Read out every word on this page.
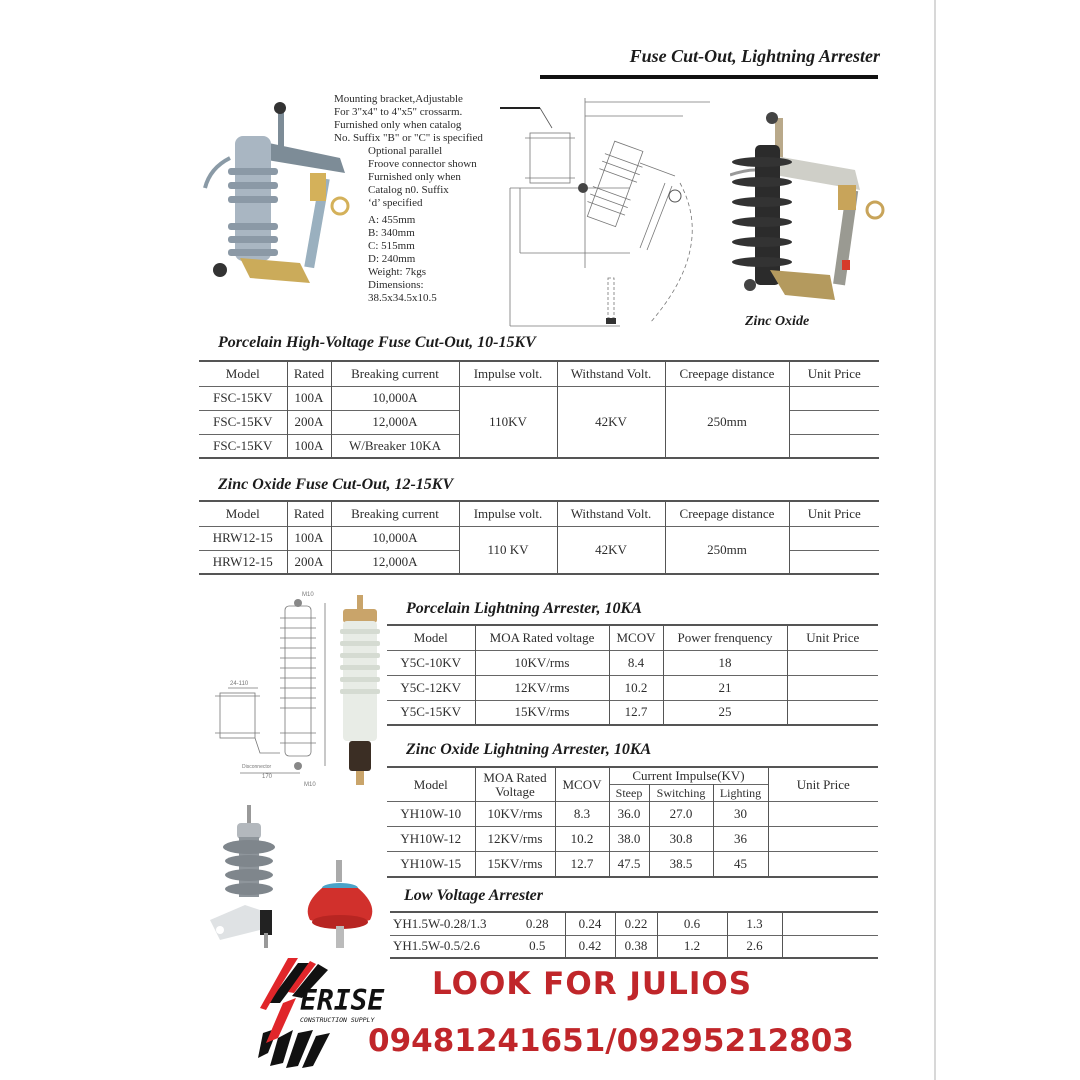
Fuse Cut-Out, Lightning Arrester
Mounting bracket,Adjustable
For 3"x4" to 4"x5" crossarm.
Furnished only when catalog
No. Suffix "B" or "C" is specified
Optional parallel
Froove connector shown
Furnished only when
Catalog n0. Suffix
‘d’ specified
A: 455mm
B: 340mm
C: 515mm
D: 240mm
Weight: 7kgs
Dimensions:
38.5x34.5x10.5
Zinc Oxide
Porcelain High-Voltage Fuse Cut-Out, 10-15KV
Model	Rated	Breaking current	Impulse volt.	Withstand Volt.	Creepage distance	Unit Price
FSC-15KV	100A	10,000A	110KV	42KV	250mm	
FSC-15KV	200A	12,000A				
FSC-15KV	100A	W/Breaker 10KA				
Zinc Oxide Fuse Cut-Out, 12-15KV
Model	Rated	Breaking current	Impulse volt.	Withstand Volt.	Creepage distance	Unit Price
HRW12-15	100A	10,000A	110 KV	42KV	250mm	
HRW12-15	200A	12,000A				
M10
M10
24-110
170
Disconnector
Porcelain Lightning Arrester, 10KA
Model	MOA Rated voltage	MCOV	Power frenquency	Unit Price
Y5C-10KV	10KV/rms	8.4	18	
Y5C-12KV	12KV/rms	10.2	21	
Y5C-15KV	15KV/rms	12.7	25	
Zinc Oxide Lightning Arrester, 10KA
Model	MOA Rated Voltage	MCOV	Current Impulse(KV)			Unit Price
			Steep	Switching	Lighting	
YH10W-10	10KV/rms	8.3	36.0	27.0	30	
YH10W-12	12KV/rms	10.2	38.0	30.8	36	
YH10W-15	15KV/rms	12.7	47.5	38.5	45	
Low Voltage Arrester
YH1.5W-0.28/1.3	0.28	0.24	0.22	0.6	1.3	
YH1.5W-0.5/2.6	0.5	0.42	0.38	1.2	2.6	
ERISE
CONSTRUCTION SUPPLY
LOOK FOR JULIOS
09481241651/09295212803
